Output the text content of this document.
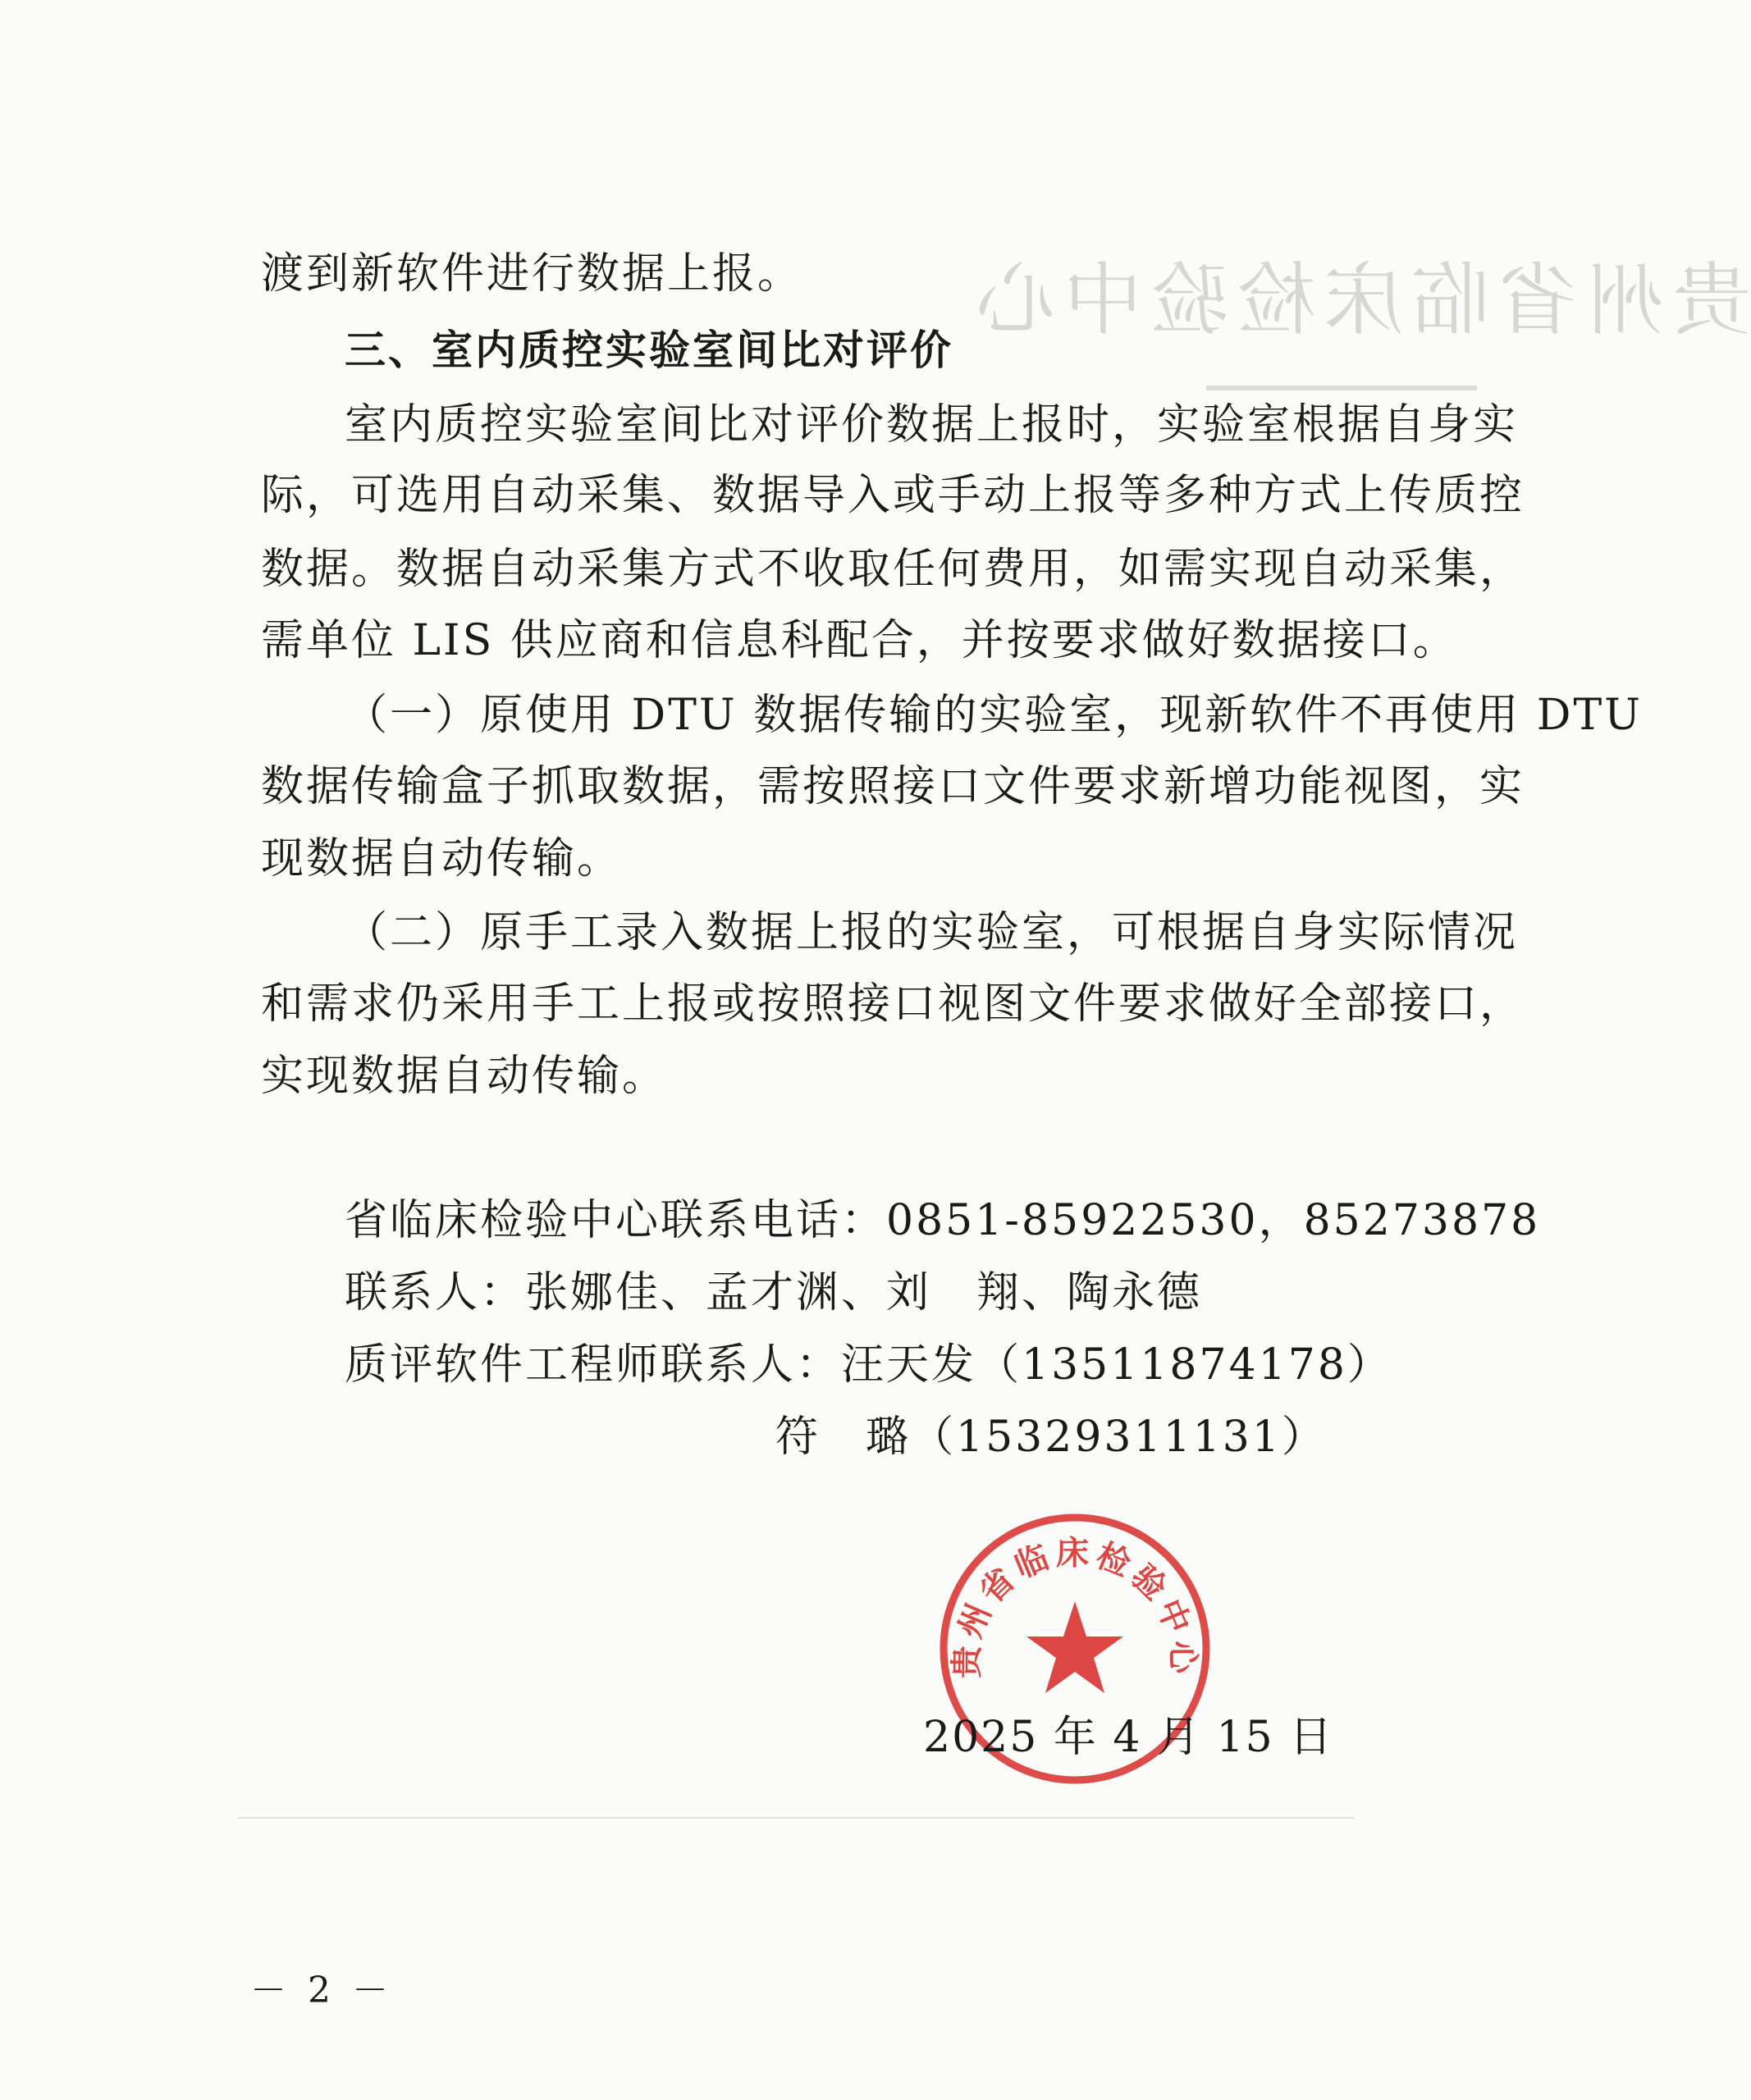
贵州省临床检验中心
渡到新软件进行数据上报。
三、室内质控实验室间比对评价
室内质控实验室间比对评价数据上报时，实验室根据自身实
际，可选用自动采集、数据导入或手动上报等多种方式上传质控
数据。数据自动采集方式不收取任何费用，如需实现自动采集，
需单位 LIS 供应商和信息科配合，并按要求做好数据接口。
（一）原使用 DTU 数据传输的实验室，现新软件不再使用 DTU
数据传输盒子抓取数据，需按照接口文件要求新增功能视图，实
现数据自动传输。
（二）原手工录入数据上报的实验室，可根据自身实际情况
和需求仍采用手工上报或按照接口视图文件要求做好全部接口，
实现数据自动传输。
省临床检验中心联系电话：0851-85922530，85273878
联系人：张娜佳、孟才渊、刘　翔、陶永德
质评软件工程师联系人：汪天发（13511874178）
符　璐（15329311131）
贵州省临床检验中心
2025 年 4 月 15 日
－ 2 －
